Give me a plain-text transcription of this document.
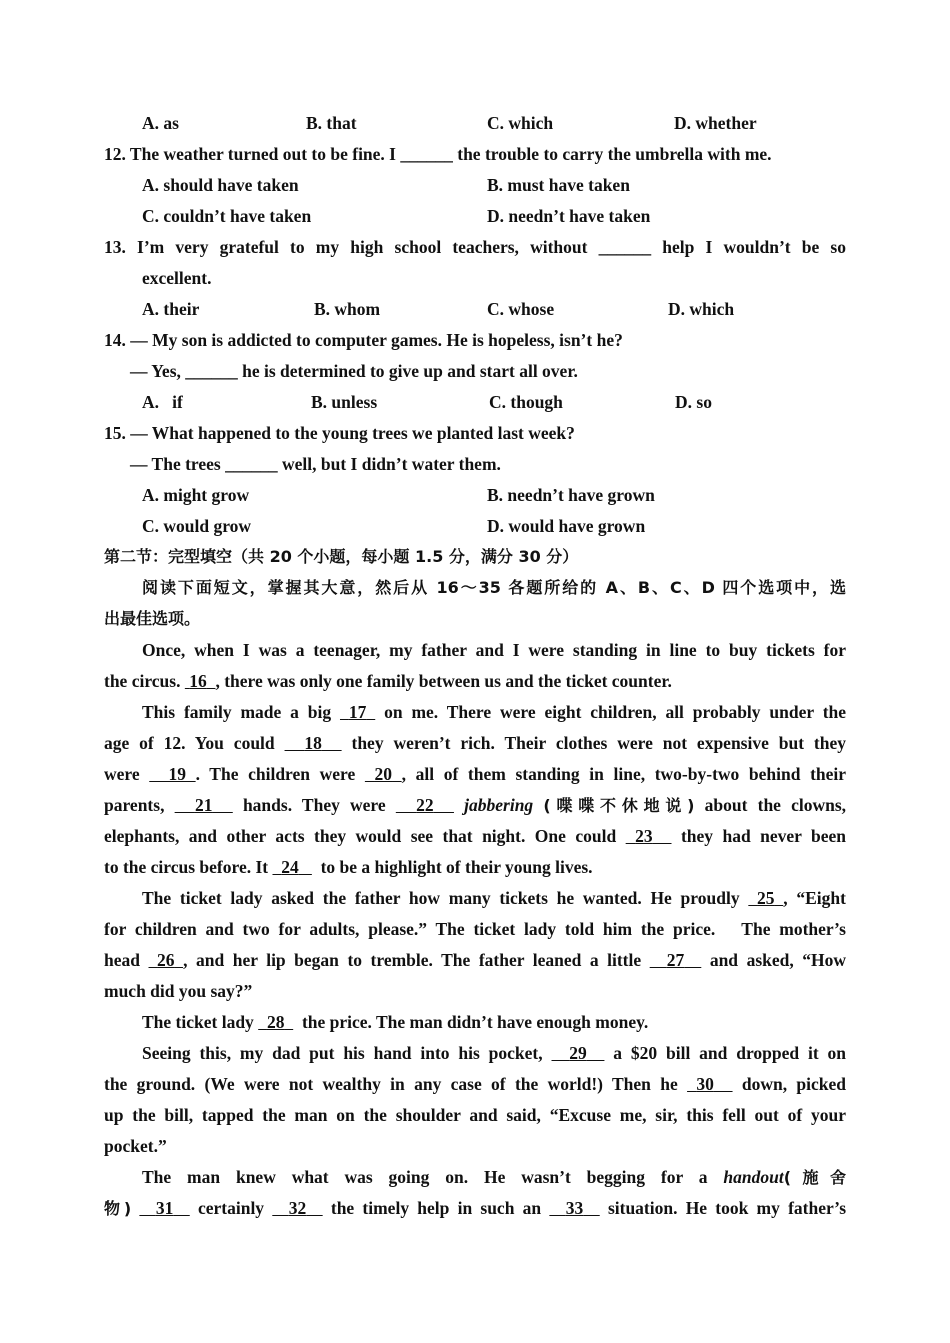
A. as	B. that	C. which	D. whether
12. The weather turned out to be fine. I ______ the trouble to carry the umbrella with me.
A. should have taken	B. must have taken
C. couldn’t have taken	D. needn’t have taken
13. I’m very grateful to my high school teachers, without ______ help I wouldn’t be so
excellent.
A. their	B. whom	C. whose	D. which
14. — My son is addicted to computer games. He is hopeless, isn’t he?
— Yes, ______ he is determined to give up and start all over.
A.   if	B. unless	C. though	D. so
15. — What happened to the young trees we planted last week?
— The trees ______ well, but I didn’t water them.
A. might grow	B. needn’t have grown
C. would grow	D. would have grown
第二节：完型填空（共 20 个小题，每小题 1.5 分，满分 30 分）
阅读下面短文，掌握其大意，然后从 16～35 各题所给的 A、B、C、D 四个选项中，选
出最佳选项。
Once, when I was a teenager, my father and I were standing in line to buy tickets for
the circus. 16 , there was only one family between us and the ticket counter.
This family made a big 17 on me. There were eight children, all probably under the
age of 12. You could 18 they weren’t rich. Their clothes were not expensive but they
were 19 . The children were 20 , all of them standing in line, two-by-two behind their
parents, 21 hands. They were 22 jabbering (喋喋不休地说) about the clowns,
elephants, and other acts they would see that night. One could 23 they had never been
to the circus before. It 24 to be a highlight of their young lives.
The ticket lady asked the father how many tickets he wanted. He proudly 25 , “Eight
for children and two for adults, please.” The ticket lady told him the price.   The mother’s
head 26 , and her lip began to tremble. The father leaned a little 27 and asked, “How
much did you say?”
The ticket lady 28 the price. The man didn’t have enough money.
Seeing this, my dad put his hand into his pocket, 29 a $20 bill and dropped it on
the ground. (We were not wealthy in any case of the world!) Then he 30 down, picked
up the bill, tapped the man on the shoulder and said, “Excuse me, sir, this fell out of your
pocket.”
The man knew what was going on. He wasn’t begging for a handout(施舍
物) 31 certainly 32 the timely help in such an 33 situation. He took my father’s
